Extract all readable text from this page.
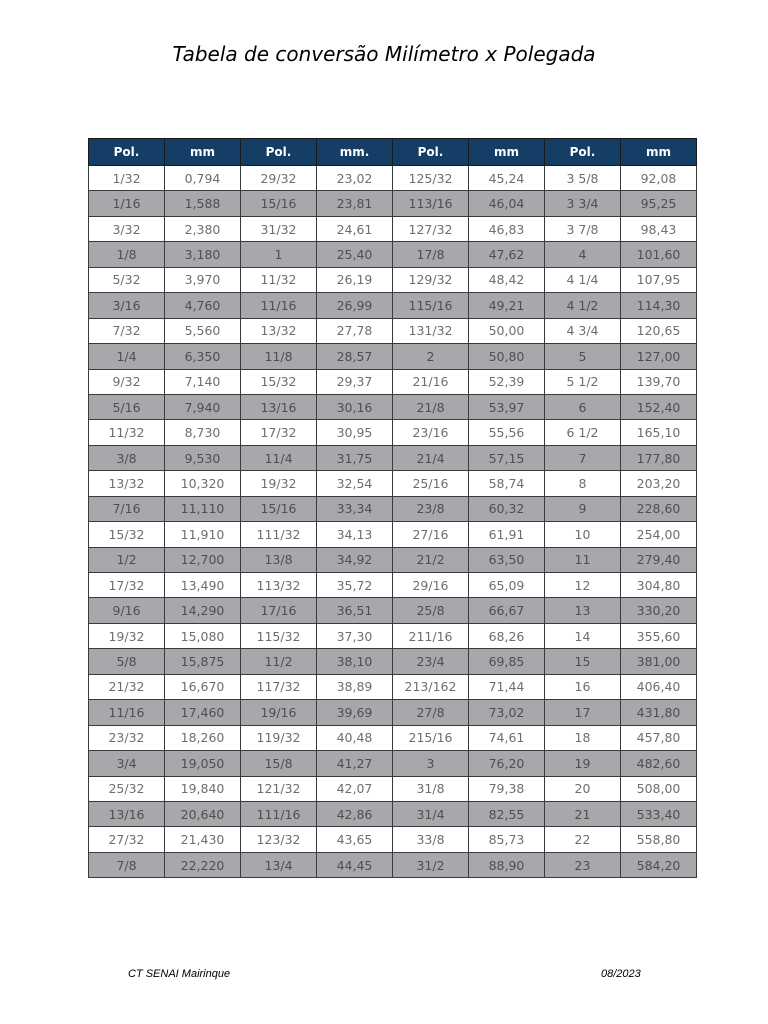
Tabela de conversão Milímetro x Polegada
Pol.	mm	Pol.	mm.	Pol.	mm	Pol.	mm
1/32	0,794	29/32	23,02	125/32	45,24	3 5/8	92,08
1/16	1,588	15/16	23,81	113/16	46,04	3 3/4	95,25
3/32	2,380	31/32	24,61	127/32	46,83	3 7/8	98,43
1/8	3,180	1	25,40	17/8	47,62	4	101,60
5/32	3,970	11/32	26,19	129/32	48,42	4 1/4	107,95
3/16	4,760	11/16	26,99	115/16	49,21	4 1/2	114,30
7/32	5,560	13/32	27,78	131/32	50,00	4 3/4	120,65
1/4	6,350	11/8	28,57	2	50,80	5	127,00
9/32	7,140	15/32	29,37	21/16	52,39	5 1/2	139,70
5/16	7,940	13/16	30,16	21/8	53,97	6	152,40
11/32	8,730	17/32	30,95	23/16	55,56	6 1/2	165,10
3/8	9,530	11/4	31,75	21/4	57,15	7	177,80
13/32	10,320	19/32	32,54	25/16	58,74	8	203,20
7/16	11,110	15/16	33,34	23/8	60,32	9	228,60
15/32	11,910	111/32	34,13	27/16	61,91	10	254,00
1/2	12,700	13/8	34,92	21/2	63,50	11	279,40
17/32	13,490	113/32	35,72	29/16	65,09	12	304,80
9/16	14,290	17/16	36,51	25/8	66,67	13	330,20
19/32	15,080	115/32	37,30	211/16	68,26	14	355,60
5/8	15,875	11/2	38,10	23/4	69,85	15	381,00
21/32	16,670	117/32	38,89	213/162	71,44	16	406,40
11/16	17,460	19/16	39,69	27/8	73,02	17	431,80
23/32	18,260	119/32	40,48	215/16	74,61	18	457,80
3/4	19,050	15/8	41,27	3	76,20	19	482,60
25/32	19,840	121/32	42,07	31/8	79,38	20	508,00
13/16	20,640	111/16	42,86	31/4	82,55	21	533,40
27/32	21,430	123/32	43,65	33/8	85,73	22	558,80
7/8	22,220	13/4	44,45	31/2	88,90	23	584,20
CT SENAI Mairinque	08/2023
